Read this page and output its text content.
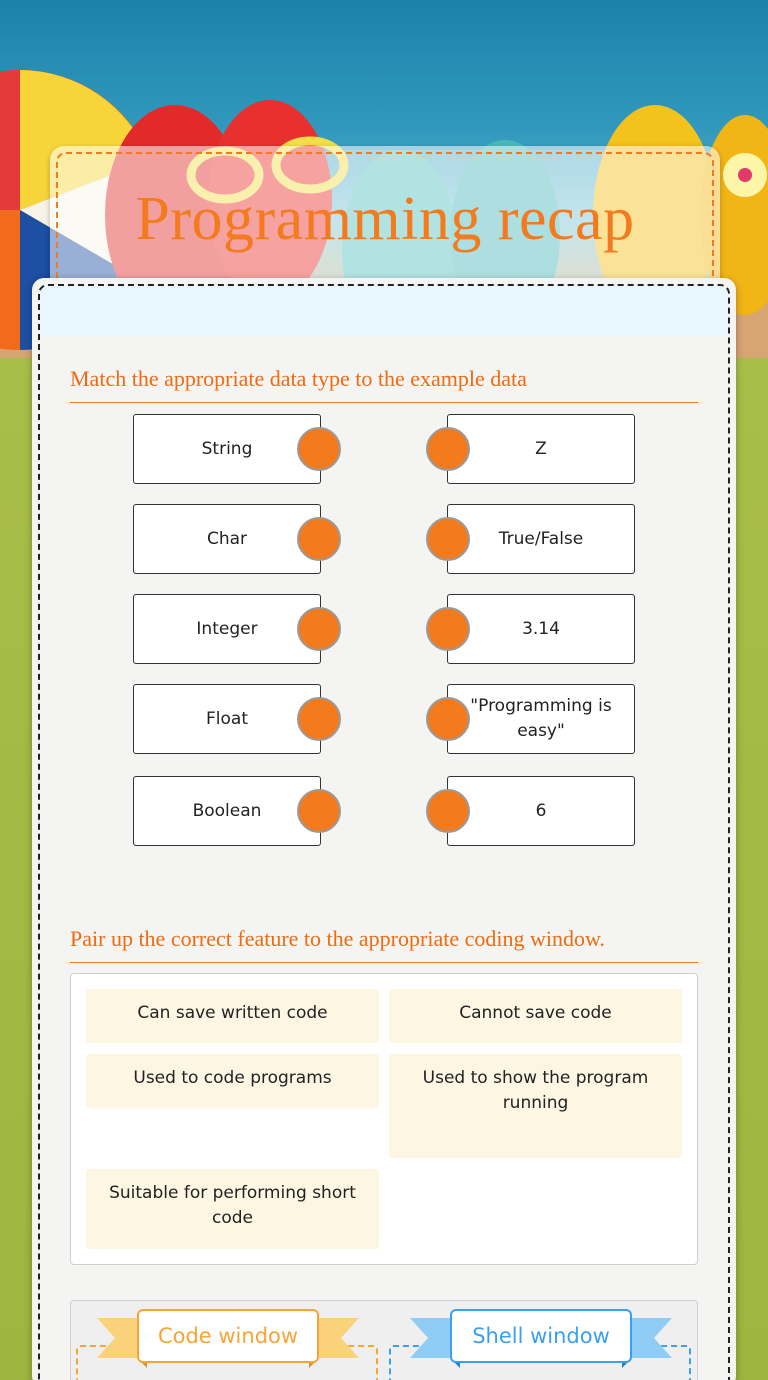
Programming recap
Match the appropriate data type to the example data
String
Char
Integer
Float
Boolean
Z
True/False
3.14
"Programming is easy"
6
Pair up the correct feature to the appropriate coding window.
Can save written code	Cannot save code
Used to code programs	Used to show the program running
Suitable for performing short code
Code window	Shell window
